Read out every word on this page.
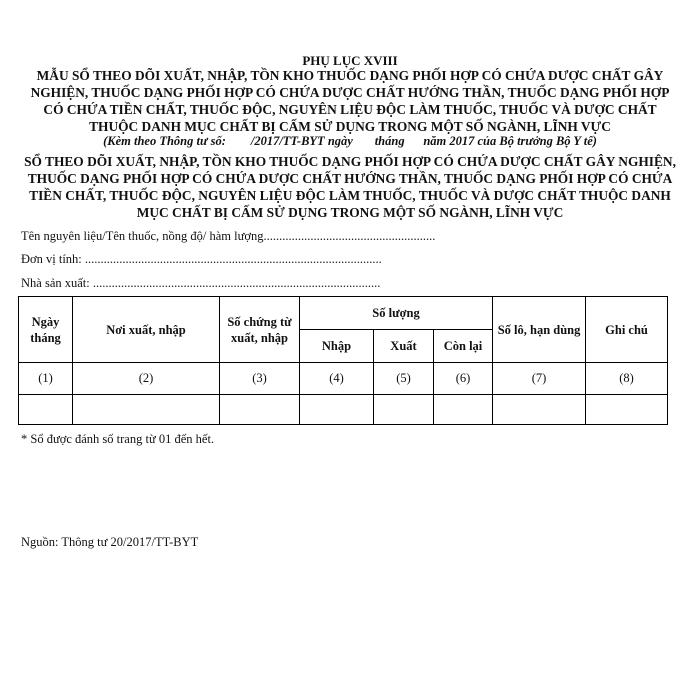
PHỤ LỤC XVIII
MẪU SỔ THEO DÕI XUẤT, NHẬP, TỒN KHO THUỐC DẠNG PHỐI HỢP CÓ CHỨA DƯỢC CHẤT GÂY NGHIỆN, THUỐC DẠNG PHỐI HỢP CÓ CHỨA DƯỢC CHẤT HƯỚNG THẦN, THUỐC DẠNG PHỐI HỢP CÓ CHỨA TIỀN CHẤT, THUỐC ĐỘC, NGUYÊN LIỆU ĐỘC LÀM THUỐC, THUỐC VÀ DƯỢC CHẤT THUỘC DANH MỤC CHẤT BỊ CẤM SỬ DỤNG TRONG MỘT SỐ NGÀNH, LĨNH VỰC
(Kèm theo Thông tư số:        /2017/TT-BYT ngày       tháng      năm 2017 của Bộ trưởng Bộ Y tế)
SỔ THEO DÕI XUẤT, NHẬP, TỒN KHO THUỐC DẠNG PHỐI HỢP CÓ CHỨA DƯỢC CHẤT GÂY NGHIỆN, THUỐC DẠNG PHỐI HỢP CÓ CHỨA DƯỢC CHẤT HƯỚNG THẦN, THUỐC DẠNG PHỐI HỢP CÓ CHỨA TIỀN CHẤT, THUỐC ĐỘC, NGUYÊN LIỆU ĐỘC LÀM THUỐC, THUỐC VÀ DƯỢC CHẤT THUỘC DANH MỤC CHẤT BỊ CẤM SỬ DỤNG TRONG MỘT SỐ NGÀNH, LĨNH VỰC
Tên nguyên liệu/Tên thuốc, nồng độ/ hàm lượng.......................................................
Đơn vị tính: ...............................................................................................
Nhà sản xuất: ............................................................................................
Ngày tháng	Nơi xuất, nhập	Số chứng từ xuất, nhập	Số lượng			Số lô, hạn dùng	Ghi chú
			Nhập	Xuất	Còn lại		
(1)	(2)	(3)	(4)	(5)	(6)	(7)	(8)

* Sổ được đánh số trang từ 01 đến hết.
Nguồn: Thông tư 20/2017/TT-BYT
